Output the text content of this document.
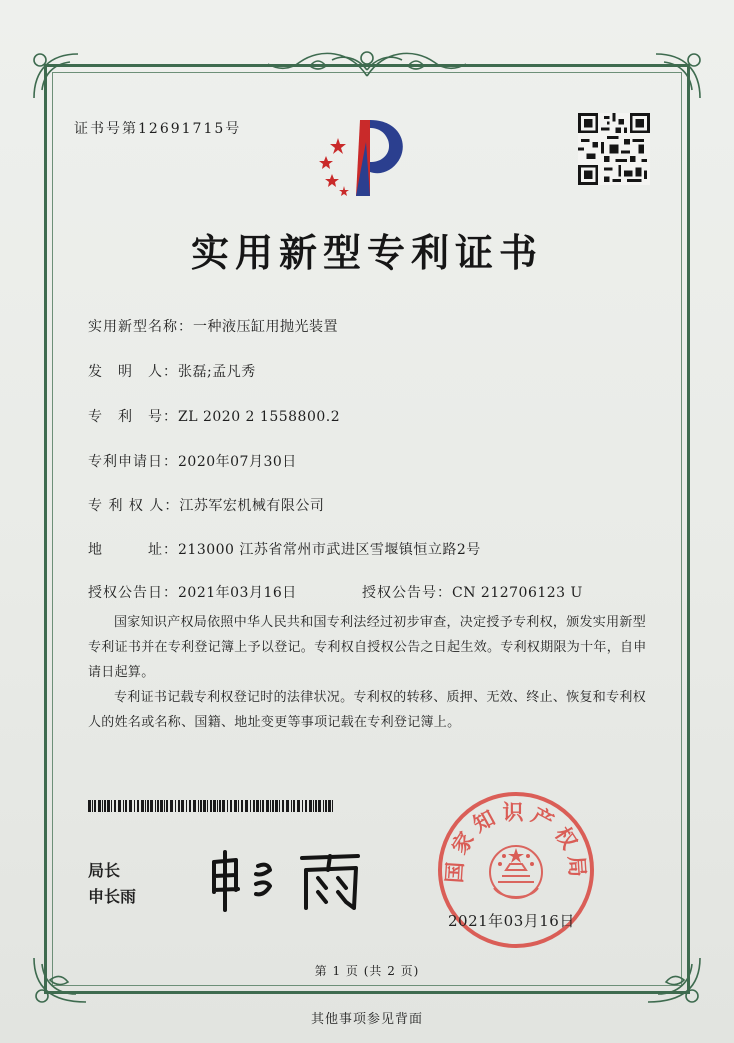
证书号第12691715号
实用新型专利证书
实用新型名称：一种液压缸用抛光装置
发　明　人：张磊;孟凡秀
专　利　号：ZL 2020 2 1558800.2
专利申请日：2020年07月30日
专 利 权 人：江苏军宏机械有限公司
地　　　址：213000 江苏省常州市武进区雪堰镇恒立路2号
授权公告日：2021年03月16日	授权公告号：CN 212706123 U
国家知识产权局依照中华人民共和国专利法经过初步审查，决定授予专利权，颁发实用新型专利证书并在专利登记簿上予以登记。专利权自授权公告之日起生效。专利权期限为十年，自申请日起算。
专利证书记载专利权登记时的法律状况。专利权的转移、质押、无效、终止、恢复和专利权人的姓名或名称、国籍、地址变更等事项记载在专利登记簿上。
局长
申长雨
国家知识产权局
2021年03月16日
第 1 页 (共 2 页)
其他事项参见背面
